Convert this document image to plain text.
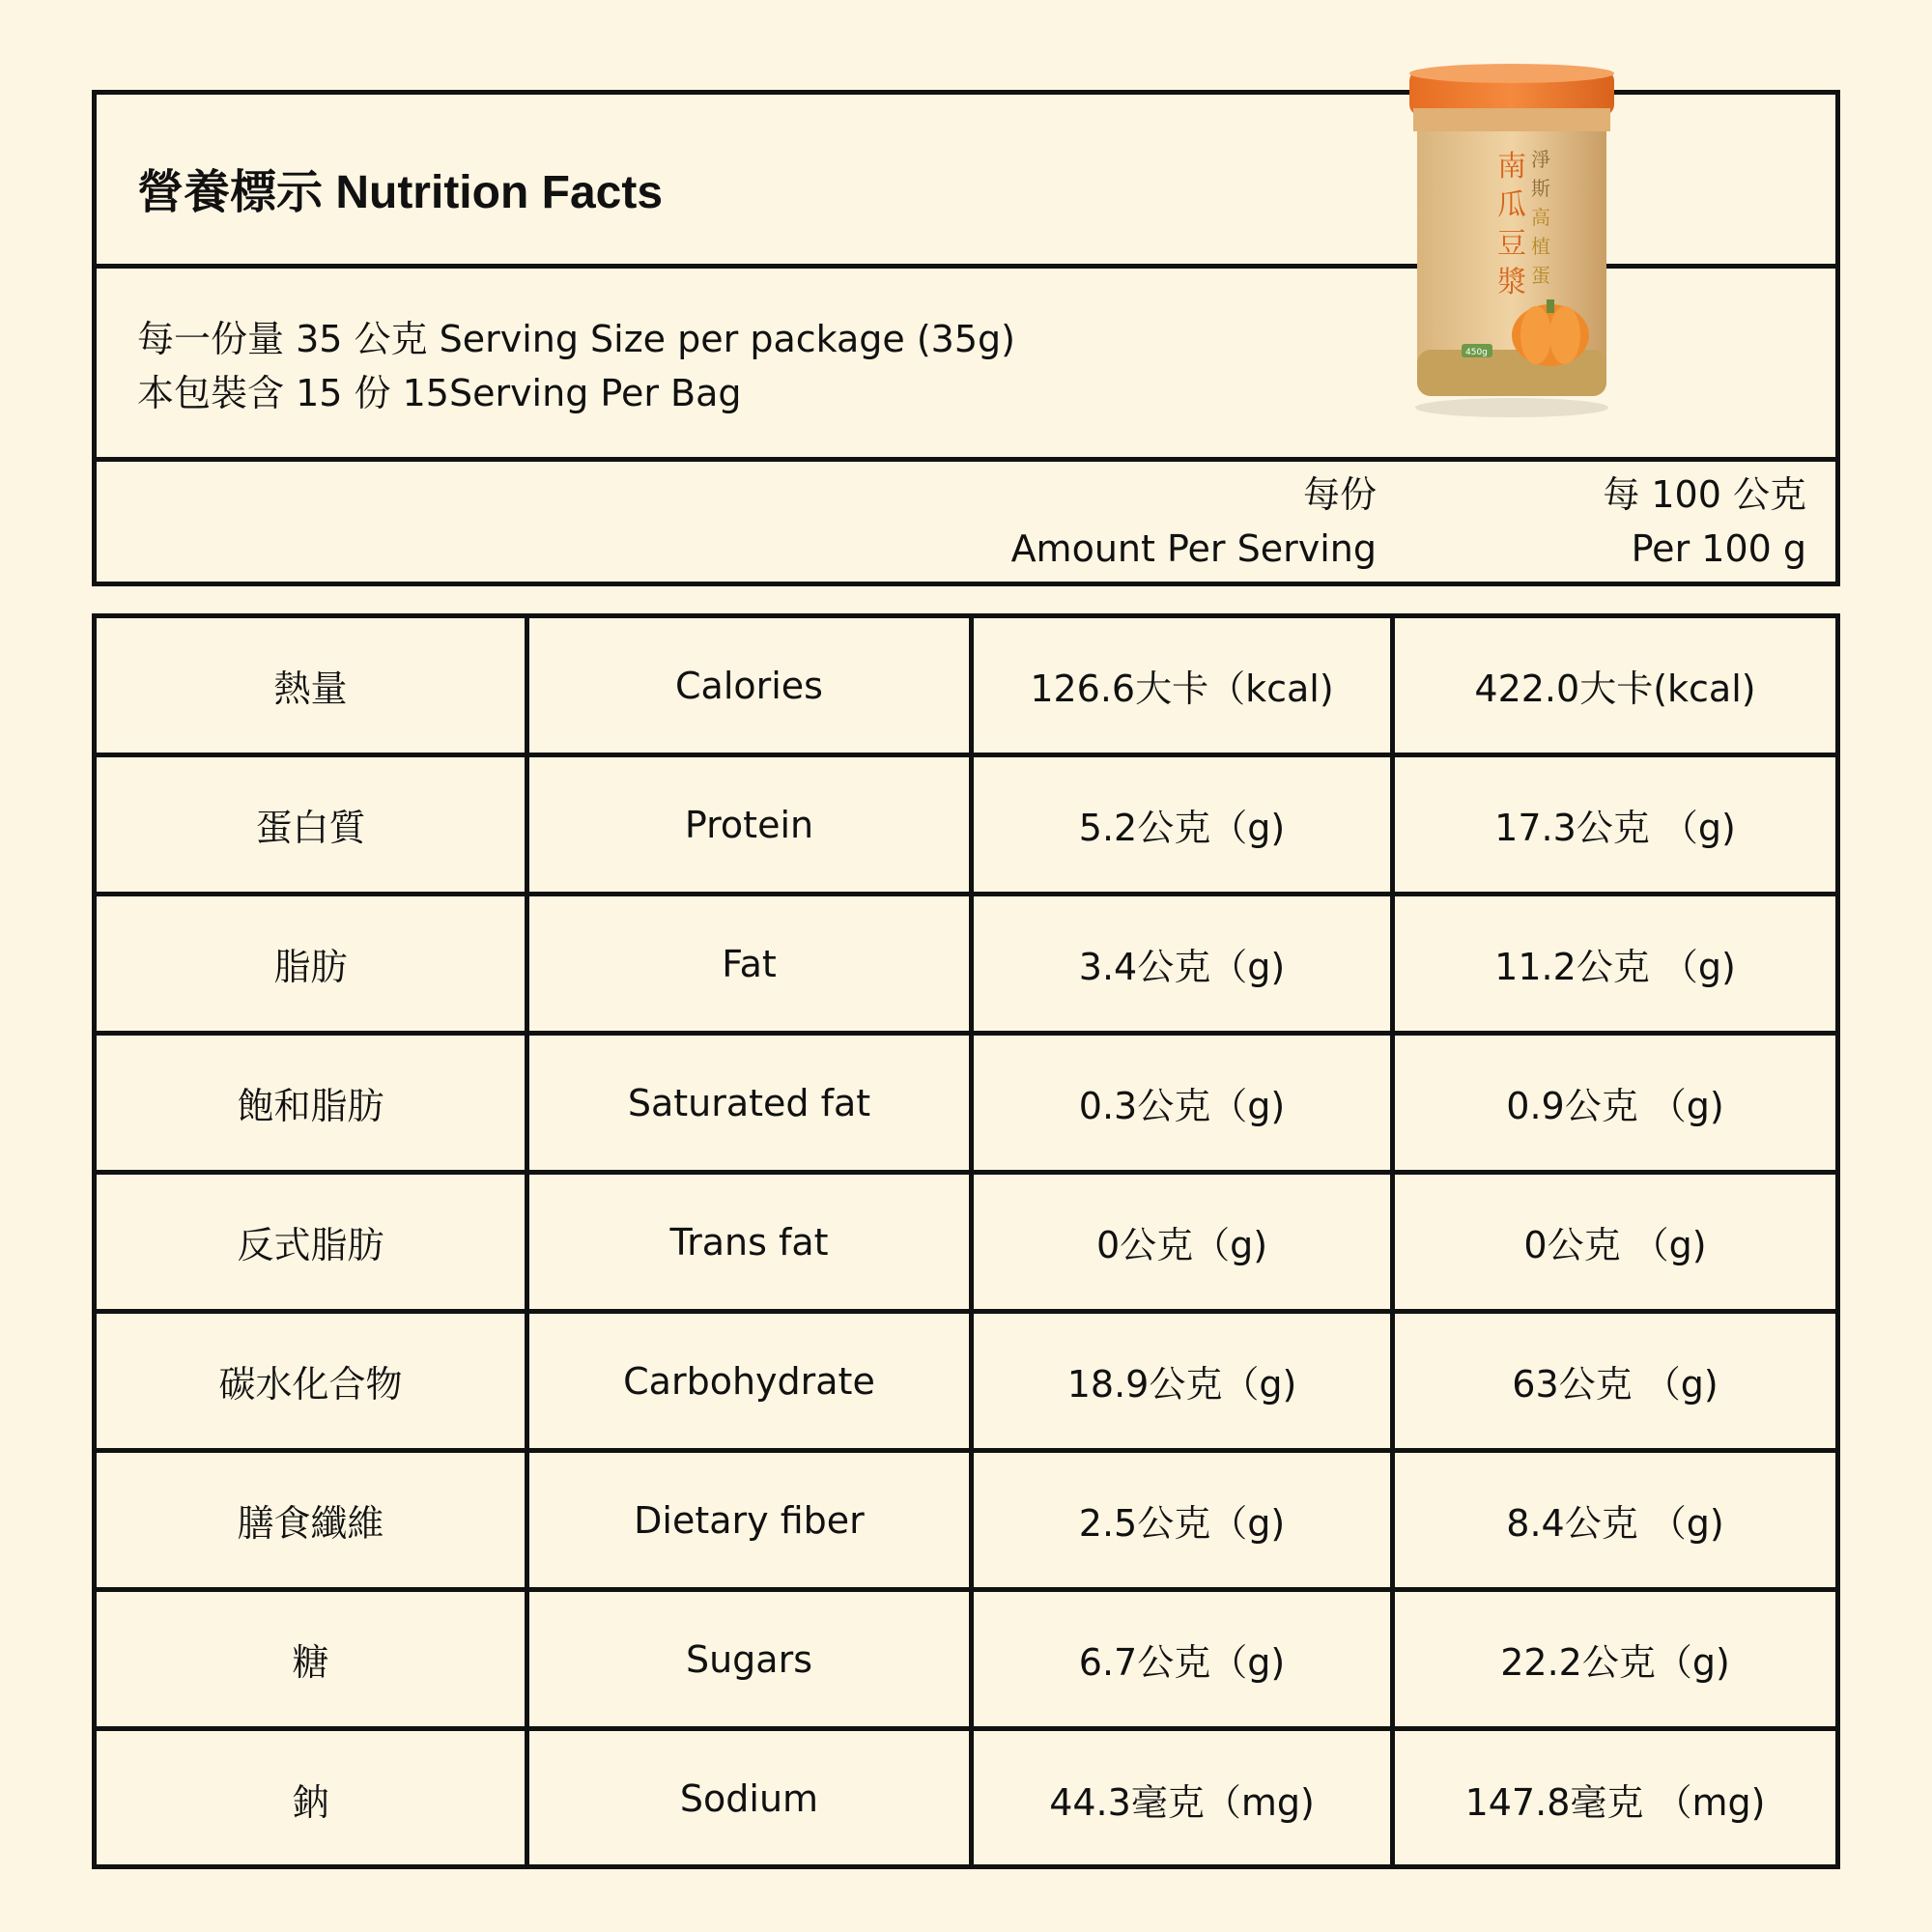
營養標示 Nutrition Facts
每一份量 35 公克 Serving Size per package (35g)
本包裝含 15 份 15Serving Per Bag
每份
Amount Per Serving
每 100 公克
Per 100 g
南
瓜
豆
漿
淨
斯
高
植
蛋
450g
熱量	Calories	126.6大卡（kcal)	422.0大卡(kcal)
蛋白質	Protein	5.2公克（g)	17.3公克 （g)
脂肪	Fat	3.4公克（g)	11.2公克 （g)
飽和脂肪	Saturated fat	0.3公克（g)	0.9公克 （g)
反式脂肪	Trans fat	0公克（g)	0公克 （g)
碳水化合物	Carbohydrate	18.9公克（g)	63公克 （g)
膳食纖維	Dietary fiber	2.5公克（g)	8.4公克 （g)
糖	Sugars	6.7公克（g)	22.2公克（g)
鈉	Sodium	44.3毫克（mg)	147.8毫克 （mg)
